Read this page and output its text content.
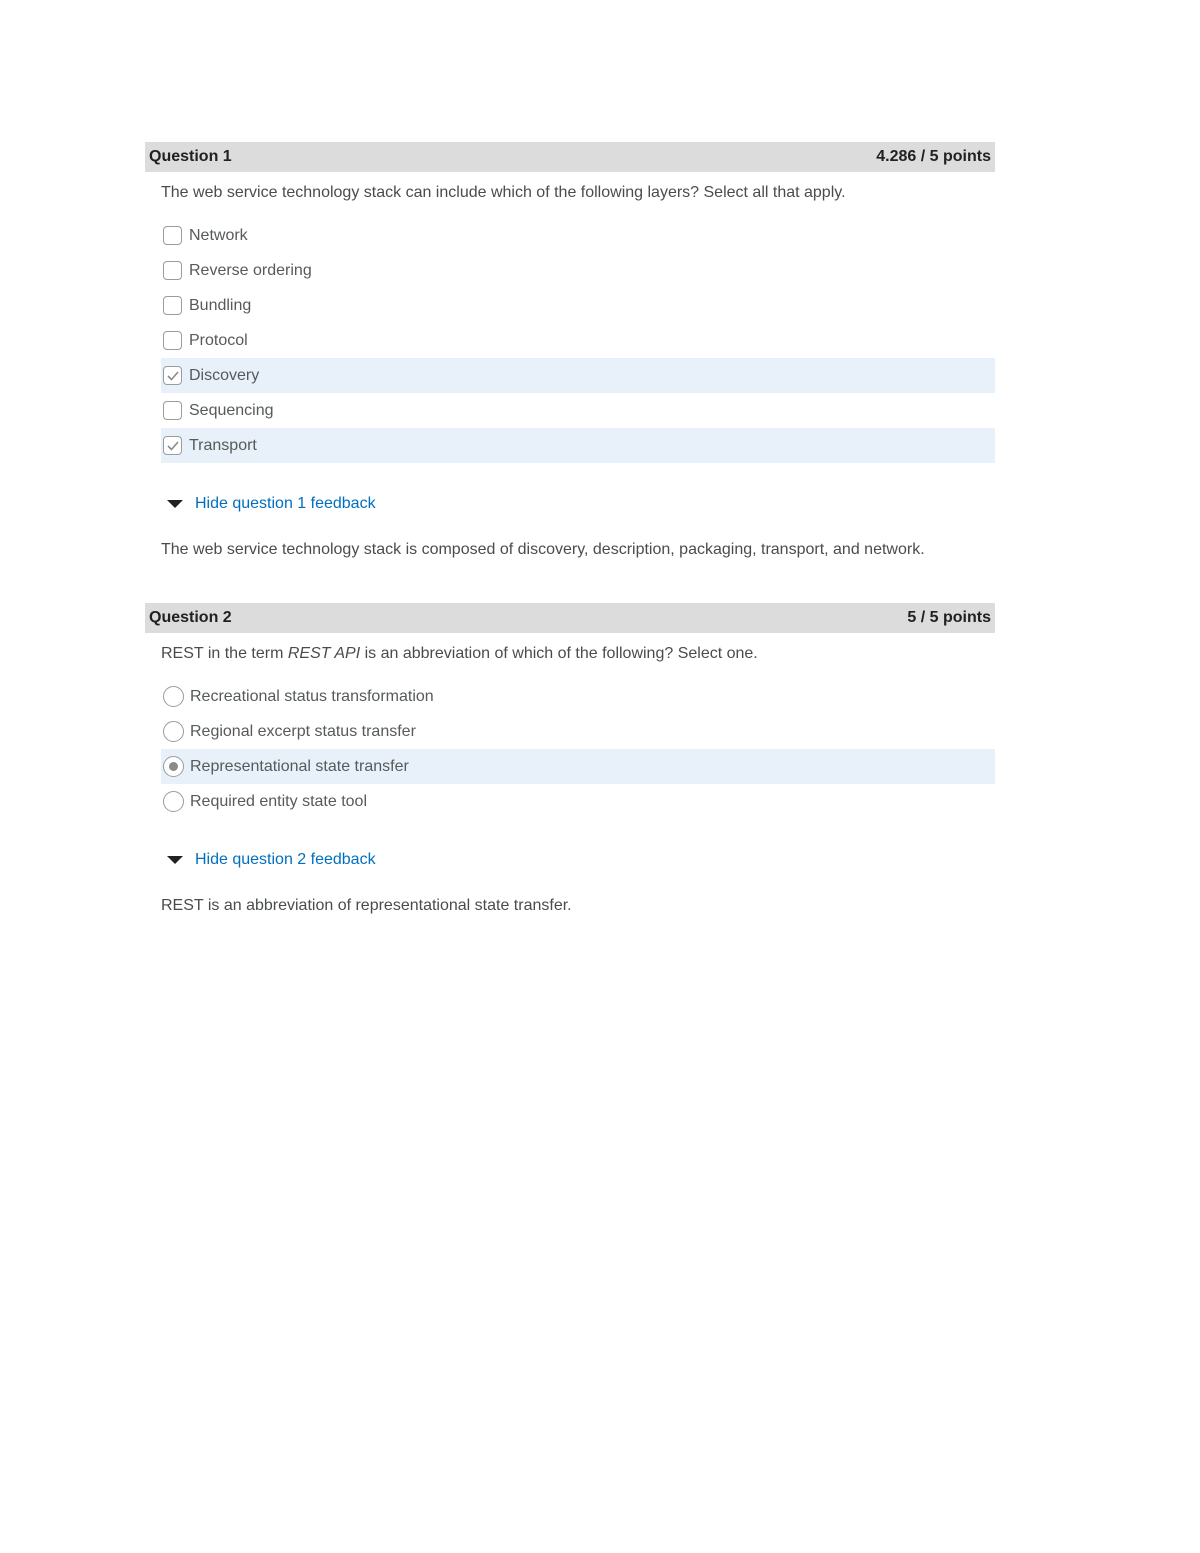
Question 1	4.286 / 5 points
The web service technology stack can include which of the following layers? Select all that apply.
Network
Reverse ordering
Bundling
Protocol
Discovery
Sequencing
Transport
Hide question 1 feedback
The web service technology stack is composed of discovery, description, packaging, transport, and network.
Question 2	5 / 5 points
REST in the term REST API is an abbreviation of which of the following? Select one.
Recreational status transformation
Regional excerpt status transfer
Representational state transfer
Required entity state tool
Hide question 2 feedback
REST is an abbreviation of representational state transfer.
